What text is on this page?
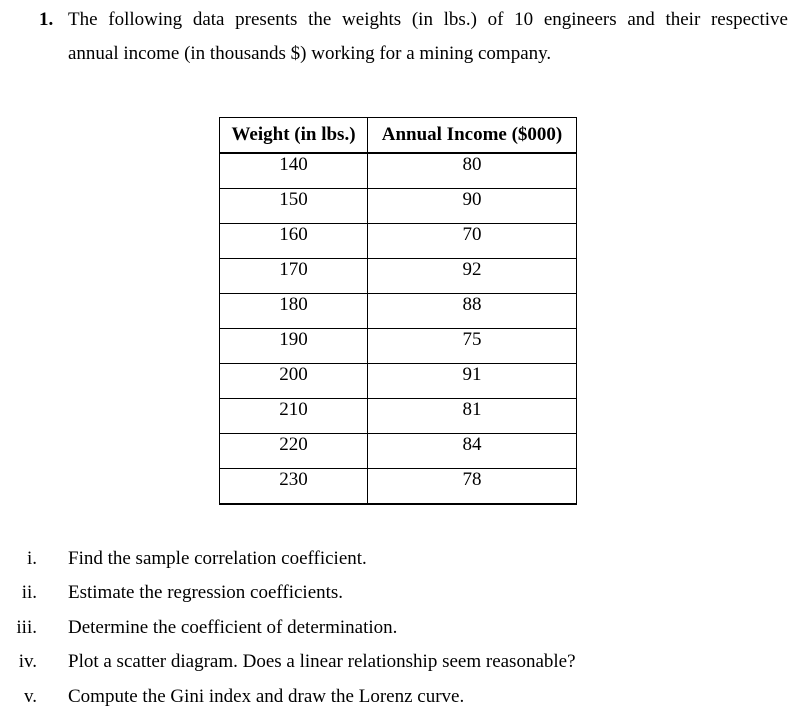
1. The following data presents the weights (in lbs.) of 10 engineers and their respective
annual income (in thousands $) working for a mining company.
Weight (in lbs.)	Annual Income ($000)
140	80
150	90
160	70
170	92
180	88
190	75
200	91
210	81
220	84
230	78
i. Find the sample correlation coefficient.
ii. Estimate the regression coefficients.
iii. Determine the coefficient of determination.
iv. Plot a scatter diagram. Does a linear relationship seem reasonable?
v. Compute the Gini index and draw the Lorenz curve.
